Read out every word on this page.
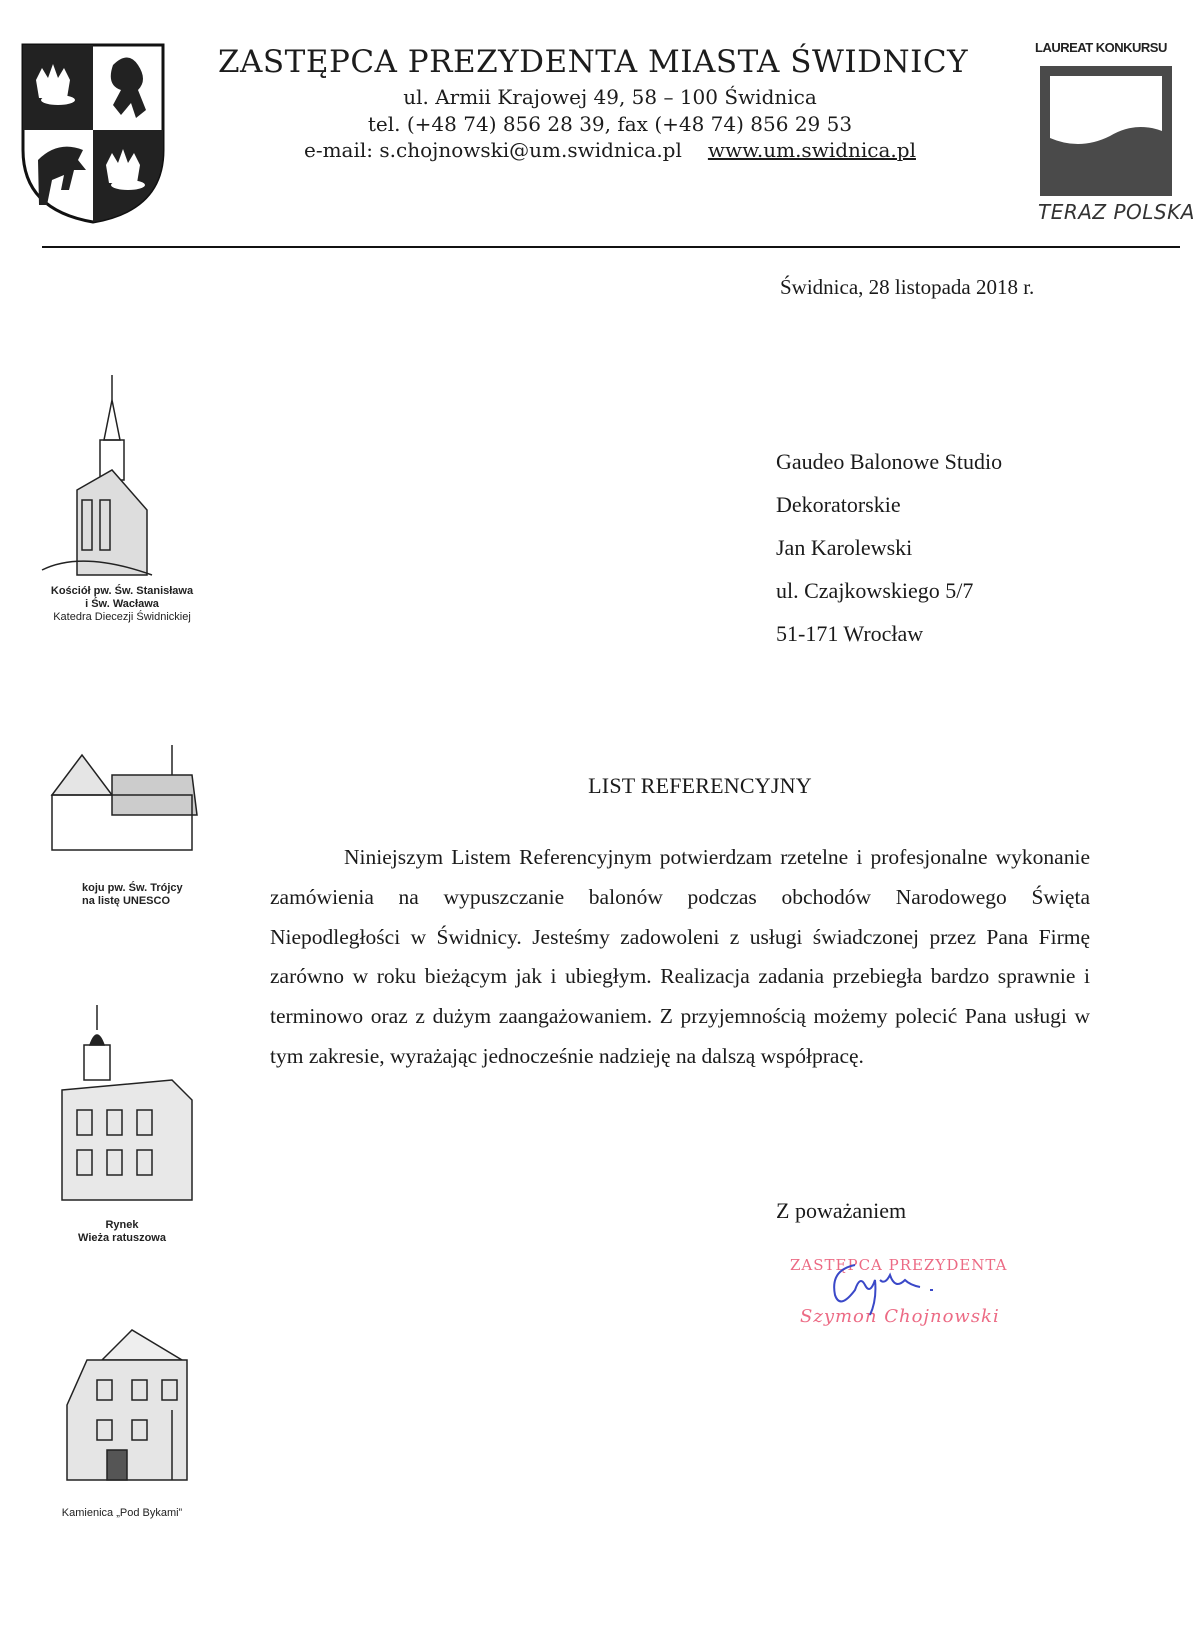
ZASTĘPCA PREZYDENTA MIASTA ŚWIDNICY
ul. Armii Krajowej 49, 58 – 100 Świdnica
tel. (+48 74) 856 28 39, fax (+48 74) 856 29 53
e-mail: s.chojnowski@um.swidnica.pl www.um.swidnica.pl
LAUREAT KONKURSU
TERAZ POLSKA
Kościół pw. Św. Stanisława
i Św. Wacława
Katedra Diecezji Świdnickiej
koju pw. Św. Trójcy
na listę UNESCO
Rynek
Wieża ratuszowa
Kamienica „Pod Bykami”
Świdnica, 28 listopada 2018 r.
Gaudeo Balonowe Studio
Dekoratorskie
Jan Karolewski
ul. Czajkowskiego 5/7
51-171 Wrocław
LIST REFERENCYJNY
Niniejszym Listem Referencyjnym potwierdzam rzetelne i profesjonalne wykonanie zamówienia na wypuszczanie balonów podczas obchodów Narodowego Święta Niepodległości w Świdnicy. Jesteśmy zadowoleni z usługi świadczonej przez Pana Firmę zarówno w roku bieżącym jak i ubiegłym. Realizacja zadania przebiegła bardzo sprawnie i terminowo oraz z dużym zaangażowaniem. Z przyjemnością możemy polecić Pana usługi w tym zakresie, wyrażając jednocześnie nadzieję na dalszą współpracę.
Z poważaniem
ZASTĘPCA PREZYDENTA
Szymon Chojnowski
